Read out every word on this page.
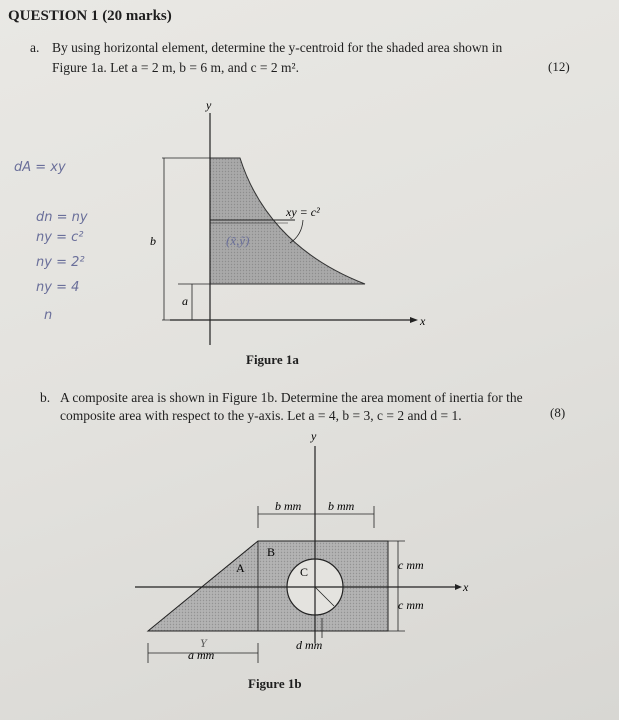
QUESTION 1 (20 marks)
a. By using horizontal element, determine the y-centroid for the shaded area shown in
Figure 1a. Let a = 2 m, b = 6 m, and c = 2 m².	(12)
dA = xy
dn = ny
ny = c²
ny = 2²
ny = 4
n
(x̃,ỹ)
y
x
xy = c²
b
a
Figure 1a
b. A composite area is shown in Figure 1b. Determine the area moment of inertia for the
composite area with respect to the y-axis. Let a = 4, b = 3, c = 2 and d = 1.	(8)
y
x
b mm b mm
c mm
c mm
d mm
a mm
A
B
C
Y
Figure 1b
